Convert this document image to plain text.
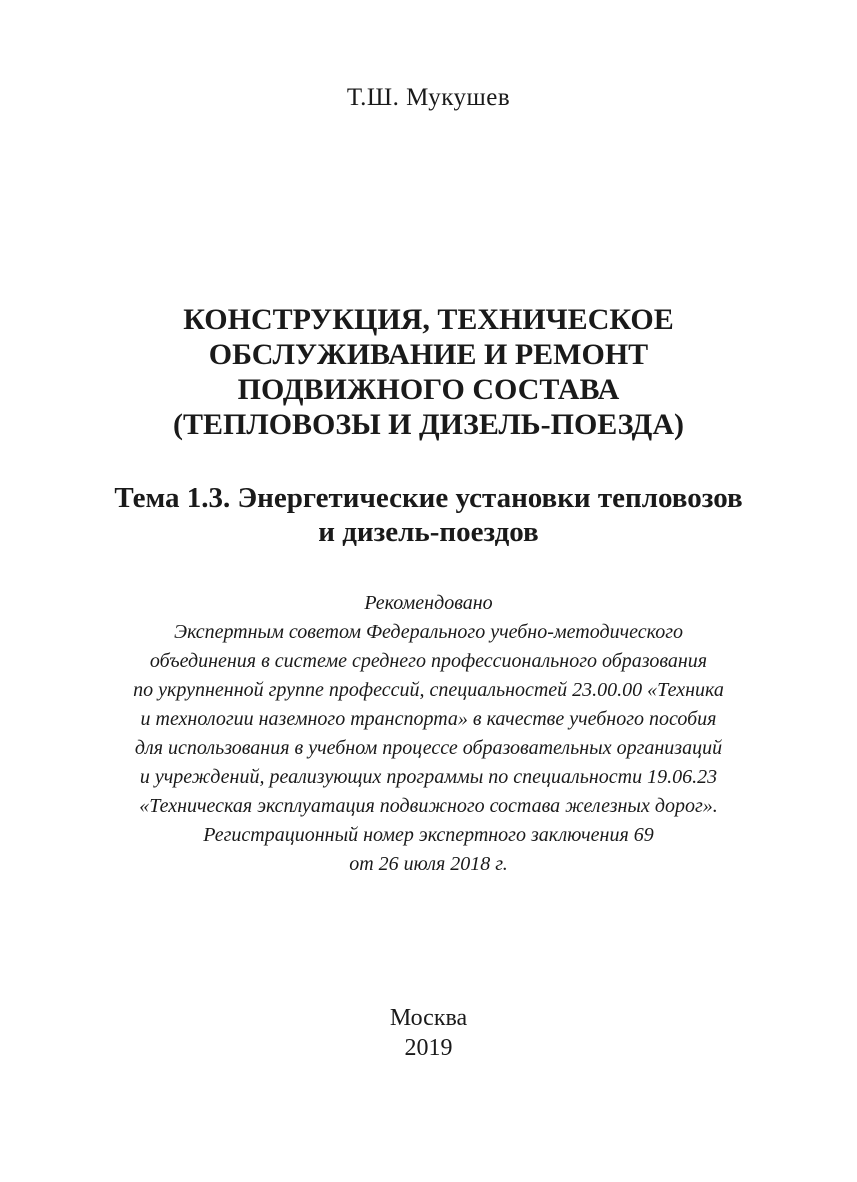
Т.Ш. Мукушев
КОНСТРУКЦИЯ, ТЕХНИЧЕСКОЕ
ОБСЛУЖИВАНИЕ И РЕМОНТ
ПОДВИЖНОГО СОСТАВА
(ТЕПЛОВОЗЫ И ДИЗЕЛЬ-ПОЕЗДА)
Тема 1.3. Энергетические установки тепловозов
и дизель-поездов
Рекомендовано
Экспертным советом Федерального учебно-методического
объединения в системе среднего профессионального образования
по укрупненной группе профессий, специальностей 23.00.00 «Техника
и технологии наземного транспорта» в качестве учебного пособия
для использования в учебном процессе образовательных организаций
и учреждений, реализующих программы по специальности 19.06.23
«Техническая эксплуатация подвижного состава железных дорог».
Регистрационный номер экспертного заключения 69
от 26 июля 2018 г.
Москва
2019
